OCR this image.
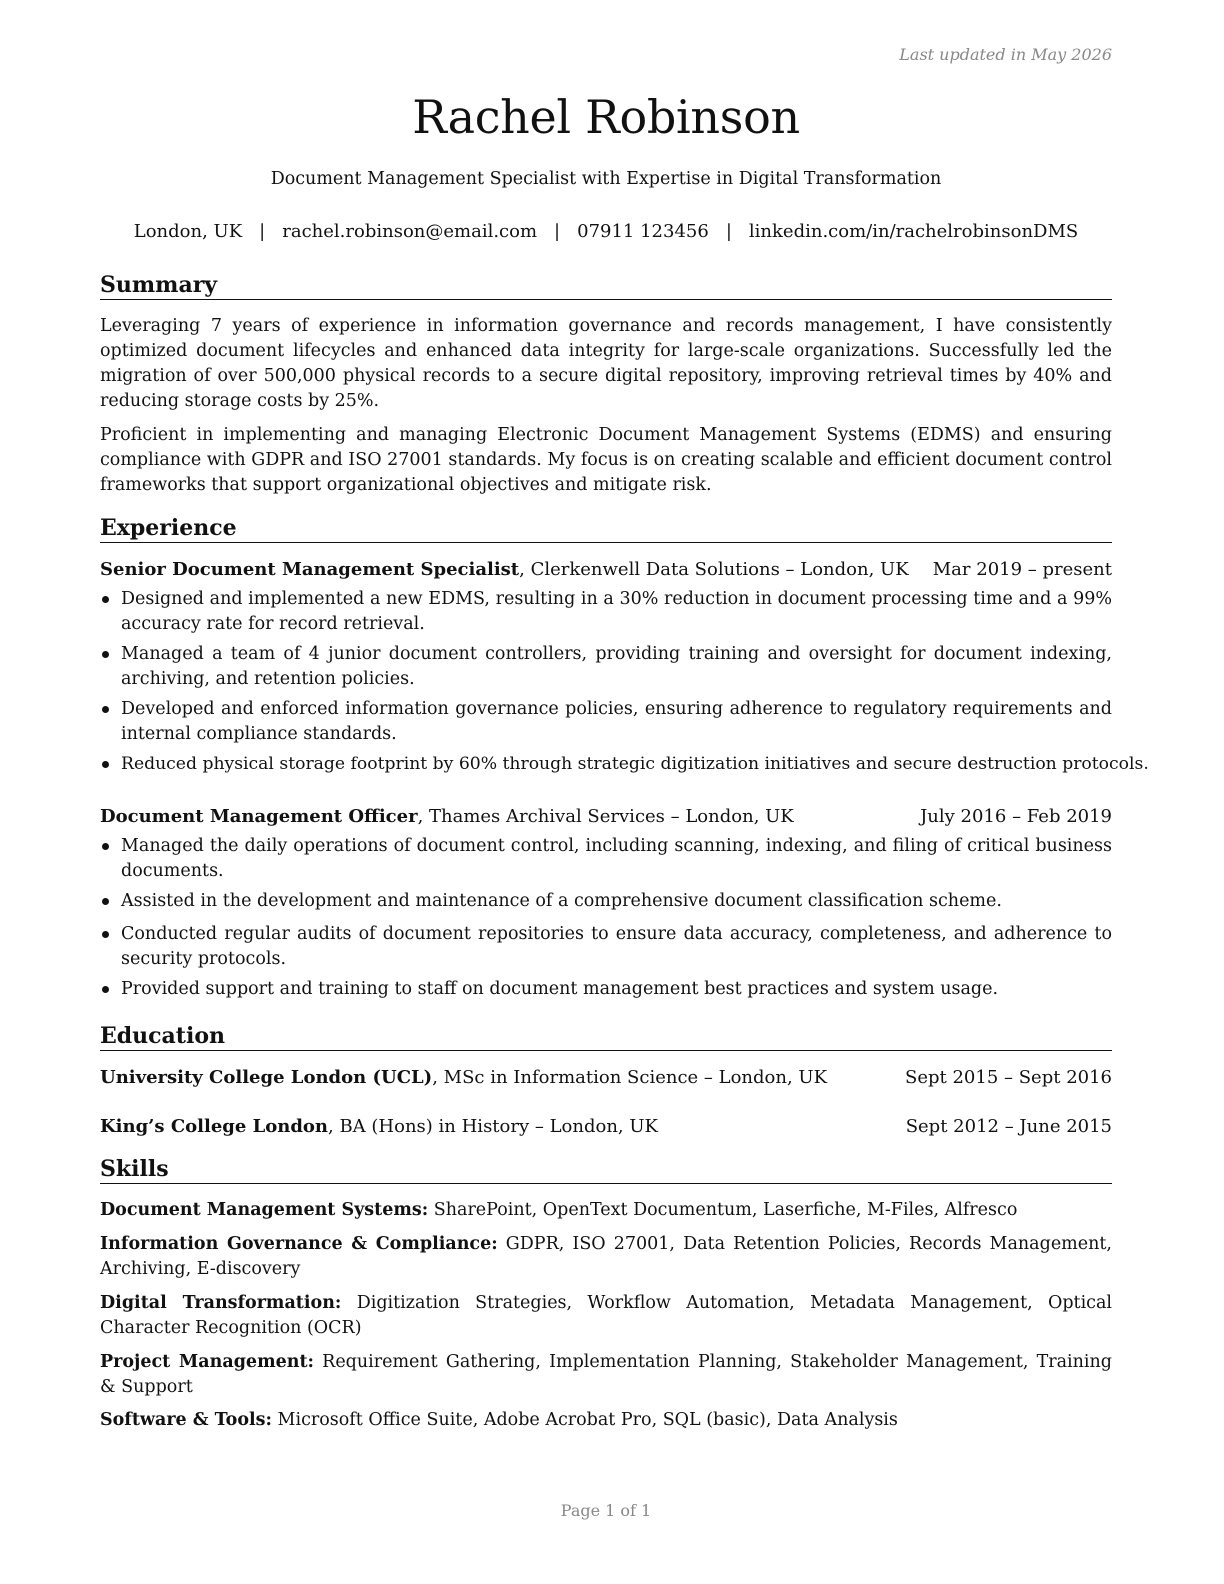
Last updated in May 2026
Rachel Robinson
Document Management Specialist with Expertise in Digital Transformation
London, UK | rachel.robinson@email.com | 07911 123456 | linkedin.com/in/rachelrobinsonDMS
Summary

Leveraging 7 years of experience in information governance and records management, I have consistently optimized document lifecycles and enhanced data integrity for large-scale organizations. Successfully led the migration of over 500,000 physical records to a secure digital repository, improving retrieval times by 40% and reducing storage costs by 25%.

Proficient in implementing and managing Electronic Document Management Systems (EDMS) and ensuring compliance with GDPR and ISO 27001 standards. My focus is on creating scalable and efficient document control frameworks that support organizational objectives and mitigate risk.

Experience
Senior Document Management Specialist, Clerkenwell Data Solutions – London, UK Mar 2019 – present
Designed and implemented a new EDMS, resulting in a 30% reduction in document processing time and a 99% accuracy rate for record retrieval.
Managed a team of 4 junior document controllers, providing training and oversight for document indexing, archiving, and retention policies.
Developed and enforced information governance policies, ensuring adherence to regulatory requirements and internal compliance standards.
Reduced physical storage footprint by 60% through strategic digitization initiatives and secure destruction protocols.
Document Management Officer, Thames Archival Services – London, UK	July 2016 – Feb 2019
Managed the daily operations of document control, including scanning, indexing, and filing of critical business documents.
Assisted in the development and maintenance of a comprehensive document classification scheme.
Conducted regular audits of document repositories to ensure data accuracy, completeness, and adherence to security protocols.
Provided support and training to staff on document management best practices and system usage.
Education
University College London (UCL), MSc in Information Science – London, UK	Sept 2015 – Sept 2016
King’s College London, BA (Hons) in History – London, UK	Sept 2012 – June 2015
Skills

Document Management Systems: SharePoint, OpenText Documentum, Laserfiche, M-Files, Alfresco

Information Governance & Compliance: GDPR, ISO 27001, Data Retention Policies, Records Management, Archiving, E-discovery

Digital Transformation: Digitization Strategies, Workflow Automation, Metadata Management, Optical Character Recognition (OCR)

Project Management: Requirement Gathering, Implementation Planning, Stakeholder Management, Training & Support

Software & Tools: Microsoft Office Suite, Adobe Acrobat Pro, SQL (basic), Data Analysis

Page 1 of 1
